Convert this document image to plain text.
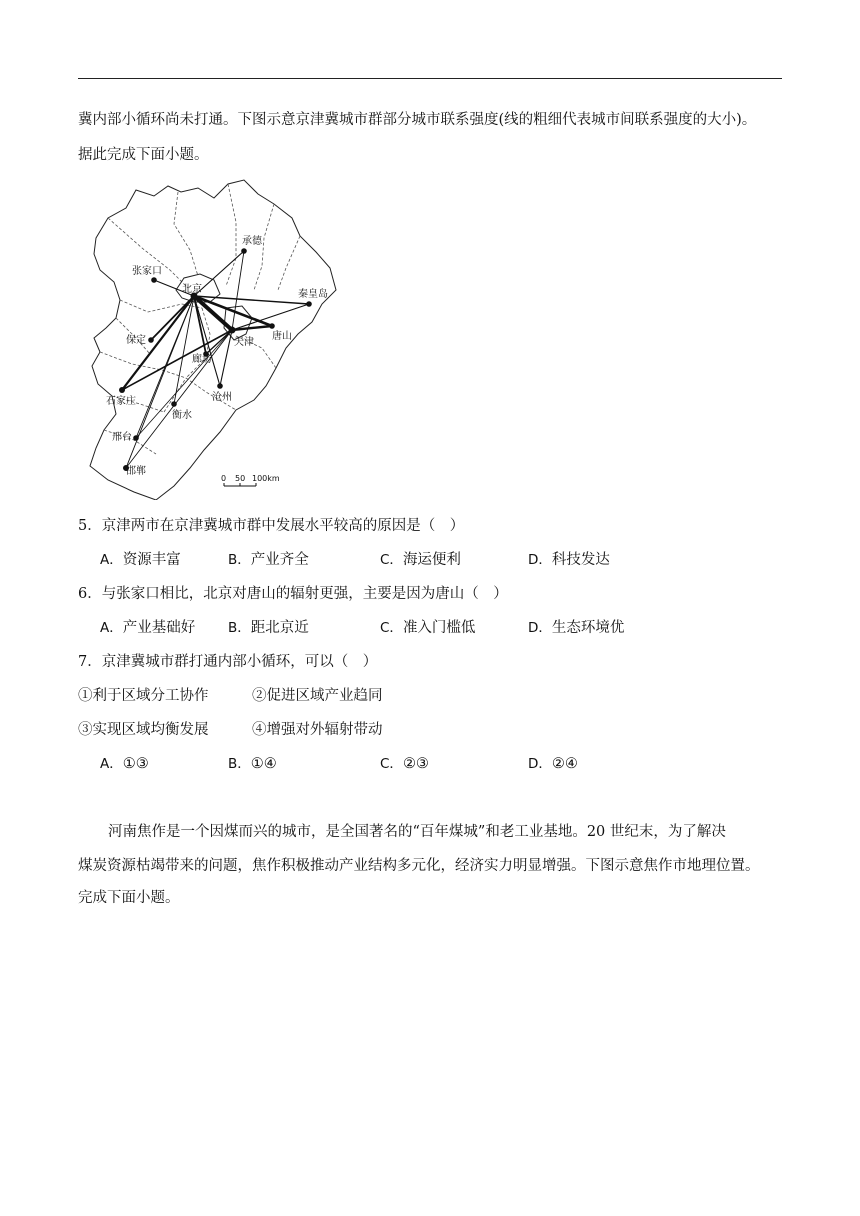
冀内部小循环尚未打通。下图示意京津冀城市群部分城市联系强度(线的粗细代表城市间联系强度的大小)。
据此完成下面小题。
承德
张家口
北京	秦皇岛
唐山
天津
保定
廊坊
石家庄	沧州
衡水
邢台
邯郸
0 50 100km
5．京津两市在京津冀城市群中发展水平较高的原因是（　）
A．资源丰富	B．产业齐全	C．海运便利	D．科技发达
6．与张家口相比，北京对唐山的辐射更强，主要是因为唐山（　）
A．产业基础好 B．距北京近	C．准入门槛低	D．生态环境优
7．京津冀城市群打通内部小循环，可以（　）
①利于区域分工协作	②促进区域产业趋同
③实现区域均衡发展	④增强对外辐射带动
A．①③	B．①④	C．②③	D．②④
河南焦作是一个因煤而兴的城市，是全国著名的“百年煤城”和老工业基地。20 世纪末，为了解决
煤炭资源枯竭带来的问题，焦作积极推动产业结构多元化，经济实力明显增强。下图示意焦作市地理位置。
完成下面小题。
